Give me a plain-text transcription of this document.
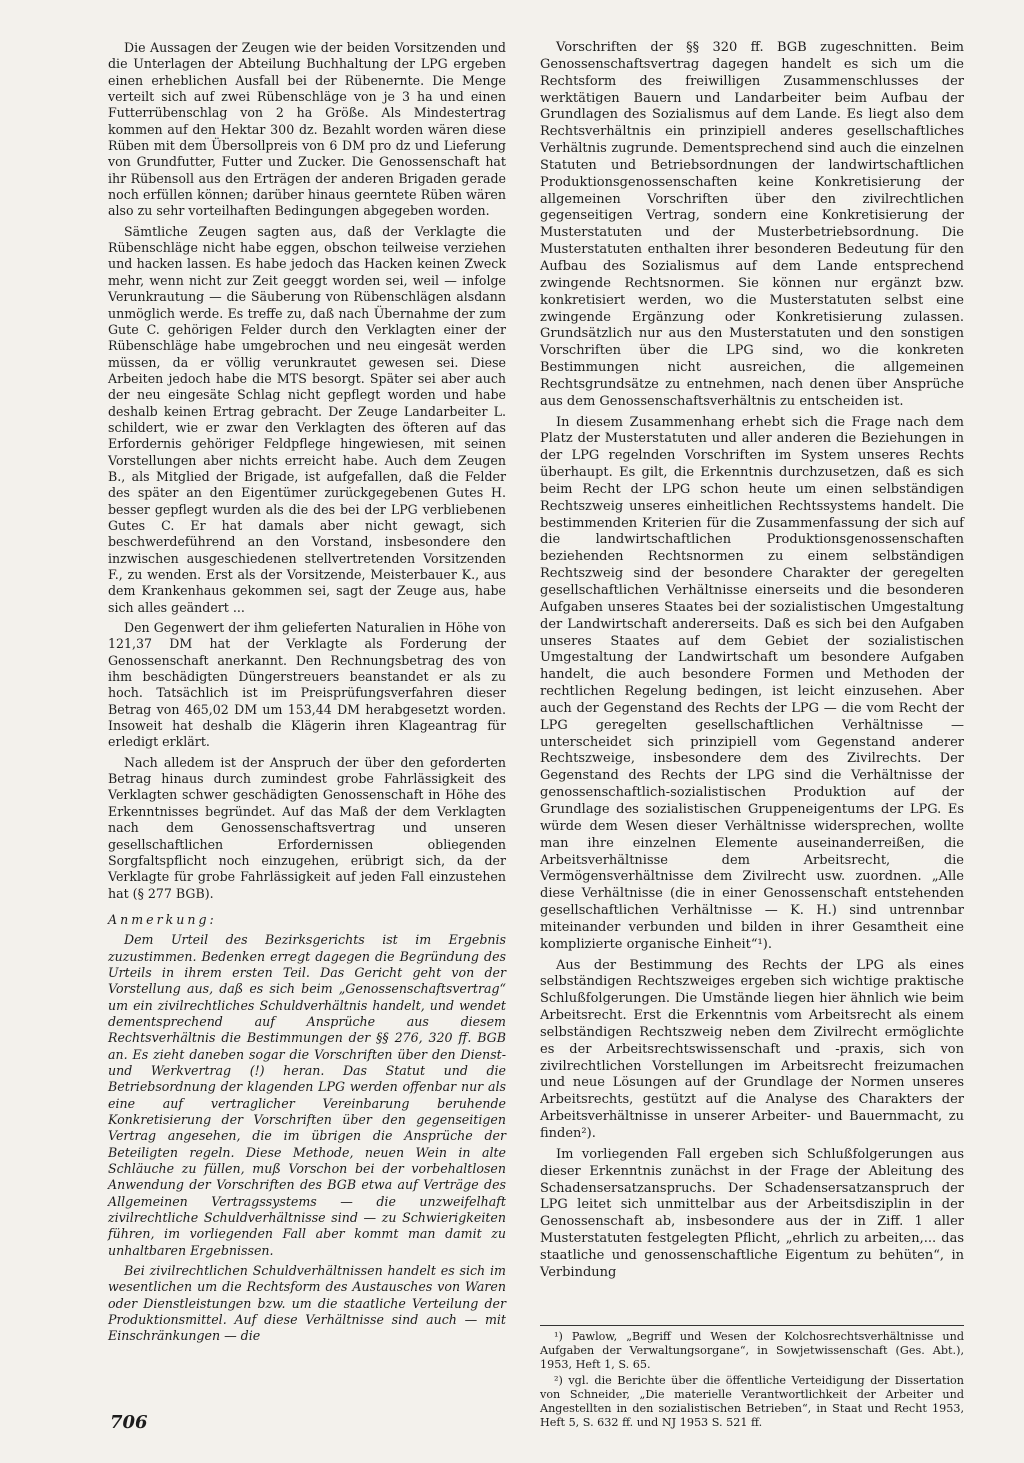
Die Aussagen der Zeugen wie der beiden Vorsitzenden und die Unterlagen der Abteilung Buchhaltung der LPG ergeben einen erheblichen Ausfall bei der Rübenernte. Die Menge verteilt sich auf zwei Rübenschläge von je 3 ha und einen Futterrübenschlag von 2 ha Größe. Als Mindestertrag kommen auf den Hektar 300 dz. Bezahlt worden wären diese Rüben mit dem Übersollpreis von 6 DM pro dz und Lieferung von Grundfutter, Futter und Zucker. Die Genossenschaft hat ihr Rübensoll aus den Erträgen der anderen Brigaden gerade noch erfüllen können; darüber hinaus geerntete Rüben wären also zu sehr vorteilhaften Bedingungen abgegeben worden.

Sämtliche Zeugen sagten aus, daß der Verklagte die Rübenschläge nicht habe eggen, obschon teilweise verziehen und hacken lassen. Es habe jedoch das Hacken keinen Zweck mehr, wenn nicht zur Zeit geeggt worden sei, weil — infolge Verunkrautung — die Säuberung von Rübenschlägen alsdann unmöglich werde. Es treffe zu, daß nach Übernahme der zum Gute C. gehörigen Felder durch den Verklagten einer der Rübenschläge habe umgebrochen und neu eingesät werden müssen, da er völlig verunkrautet gewesen sei. Diese Arbeiten jedoch habe die MTS besorgt. Später sei aber auch der neu eingesäte Schlag nicht gepflegt worden und habe deshalb keinen Ertrag gebracht. Der Zeuge Landarbeiter L. schildert, wie er zwar den Verklagten des öfteren auf das Erfordernis gehöriger Feldpflege hingewiesen, mit seinen Vorstellungen aber nichts erreicht habe. Auch dem Zeugen B., als Mitglied der Brigade, ist aufgefallen, daß die Felder des später an den Eigentümer zurückgegebenen Gutes H. besser gepflegt wurden als die des bei der LPG verbliebenen Gutes C. Er hat damals aber nicht gewagt, sich beschwerdeführend an den Vorstand, insbesondere den inzwischen ausgeschiedenen stellvertretenden Vorsitzenden F., zu wenden. Erst als der Vorsitzende, Meisterbauer K., aus dem Krankenhaus gekommen sei, sagt der Zeuge aus, habe sich alles geändert ...

Den Gegenwert der ihm gelieferten Naturalien in Höhe von 121,37 DM hat der Verklagte als Forderung der Genossenschaft anerkannt. Den Rechnungsbetrag des von ihm beschädigten Düngerstreuers beanstandet er als zu hoch. Tatsächlich ist im Preisprüfungsverfahren dieser Betrag von 465,02 DM um 153,44 DM herabgesetzt worden. Insoweit hat deshalb die Klägerin ihren Klageantrag für erledigt erklärt.

Nach alledem ist der Anspruch der über den geforderten Betrag hinaus durch zumindest grobe Fahrlässigkeit des Verklagten schwer geschädigten Genossenschaft in Höhe des Erkenntnisses begründet. Auf das Maß der dem Verklagten nach dem Genossenschaftsvertrag und unseren gesellschaftlichen Erfordernissen obliegenden Sorgfaltspflicht noch einzugehen, erübrigt sich, da der Verklagte für grobe Fahrlässigkeit auf jeden Fall einzustehen hat (§ 277 BGB).

Anmerkung:

Dem Urteil des Bezirksgerichts ist im Ergebnis zuzustimmen. Bedenken erregt dagegen die Begründung des Urteils in ihrem ersten Teil. Das Gericht geht von der Vorstellung aus, daß es sich beim „Genossenschaftsvertrag“ um ein zivilrechtliches Schuldverhältnis handelt, und wendet dementsprechend auf Ansprüche aus diesem Rechtsverhältnis die Bestimmungen der §§ 276, 320 ff. BGB an. Es zieht daneben sogar die Vorschriften über den Dienst- und Werkvertrag (!) heran. Das Statut und die Betriebsordnung der klagenden LPG werden offenbar nur als eine auf vertraglicher Vereinbarung beruhende Konkretisierung der Vorschriften über den gegenseitigen Vertrag angesehen, die im übrigen die Ansprüche der Beteiligten regeln. Diese Methode, neuen Wein in alte Schläuche zu füllen, muß Vorschon bei der vorbehaltlosen Anwendung der Vorschriften des BGB etwa auf Verträge des Allgemeinen Vertragssystems — die unzweifelhaft zivilrechtliche Schuldverhältnisse sind — zu Schwierigkeiten führen, im vorliegenden Fall aber kommt man damit zu unhaltbaren Ergebnissen.

Bei zivilrechtlichen Schuldverhältnissen handelt es sich im wesentlichen um die Rechtsform des Austausches von Waren oder Dienstleistungen bzw. um die staatliche Verteilung der Produktionsmittel. Auf diese Verhältnisse sind auch — mit Einschränkungen — die

Vorschriften der §§ 320 ff. BGB zugeschnitten. Beim Genossenschaftsvertrag dagegen handelt es sich um die Rechtsform des freiwilligen Zusammenschlusses der werktätigen Bauern und Landarbeiter beim Aufbau der Grundlagen des Sozialismus auf dem Lande. Es liegt also dem Rechtsverhältnis ein prinzipiell anderes gesellschaftliches Verhältnis zugrunde. Dementsprechend sind auch die einzelnen Statuten und Betriebsordnungen der landwirtschaftlichen Produktionsgenossenschaften keine Konkretisierung der allgemeinen Vorschriften über den zivilrechtlichen gegenseitigen Vertrag, sondern eine Konkretisierung der Musterstatuten und der Musterbetriebsordnung. Die Musterstatuten enthalten ihrer besonderen Bedeutung für den Aufbau des Sozialismus auf dem Lande entsprechend zwingende Rechtsnormen. Sie können nur ergänzt bzw. konkretisiert werden, wo die Musterstatuten selbst eine zwingende Ergänzung oder Konkretisierung zulassen. Grundsätzlich nur aus den Musterstatuten und den sonstigen Vorschriften über die LPG sind, wo die konkreten Bestimmungen nicht ausreichen, die allgemeinen Rechtsgrundsätze zu entnehmen, nach denen über Ansprüche aus dem Genossenschaftsverhältnis zu entscheiden ist.

In diesem Zusammenhang erhebt sich die Frage nach dem Platz der Musterstatuten und aller anderen die Beziehungen in der LPG regelnden Vorschriften im System unseres Rechts überhaupt. Es gilt, die Erkenntnis durchzusetzen, daß es sich beim Recht der LPG schon heute um einen selbständigen Rechtszweig unseres einheitlichen Rechtssystems handelt. Die bestimmenden Kriterien für die Zusammenfassung der sich auf die landwirtschaftlichen Produktionsgenossenschaften beziehenden Rechtsnormen zu einem selbständigen Rechtszweig sind der besondere Charakter der geregelten gesellschaftlichen Verhältnisse einerseits und die besonderen Aufgaben unseres Staates bei der sozialistischen Umgestaltung der Landwirtschaft andererseits. Daß es sich bei den Aufgaben unseres Staates auf dem Gebiet der sozialistischen Umgestaltung der Landwirtschaft um besondere Aufgaben handelt, die auch besondere Formen und Methoden der rechtlichen Regelung bedingen, ist leicht einzusehen. Aber auch der Gegenstand des Rechts der LPG — die vom Recht der LPG geregelten gesellschaftlichen Verhältnisse — unterscheidet sich prinzipiell vom Gegenstand anderer Rechtszweige, insbesondere dem des Zivilrechts. Der Gegenstand des Rechts der LPG sind die Verhältnisse der genossenschaftlich-sozialistischen Produktion auf der Grundlage des sozialistischen Gruppeneigentums der LPG. Es würde dem Wesen dieser Verhältnisse widersprechen, wollte man ihre einzelnen Elemente auseinanderreißen, die Arbeitsverhältnisse dem Arbeitsrecht, die Vermögensverhältnisse dem Zivilrecht usw. zuordnen. „Alle diese Verhältnisse (die in einer Genossenschaft entstehenden gesellschaftlichen Verhältnisse — K. H.) sind untrennbar miteinander verbunden und bilden in ihrer Gesamtheit eine komplizierte organische Einheit“¹).

Aus der Bestimmung des Rechts der LPG als eines selbständigen Rechtszweiges ergeben sich wichtige praktische Schlußfolgerungen. Die Umstände liegen hier ähnlich wie beim Arbeitsrecht. Erst die Erkenntnis vom Arbeitsrecht als einem selbständigen Rechtszweig neben dem Zivilrecht ermöglichte es der Arbeitsrechtswissenschaft und -praxis, sich von zivilrechtlichen Vorstellungen im Arbeitsrecht freizumachen und neue Lösungen auf der Grundlage der Normen unseres Arbeitsrechts, gestützt auf die Analyse des Charakters der Arbeitsverhältnisse in unserer Arbeiter- und Bauernmacht, zu finden²).

Im vorliegenden Fall ergeben sich Schlußfolgerungen aus dieser Erkenntnis zunächst in der Frage der Ableitung des Schadensersatzanspruchs. Der Schadensersatzanspruch der LPG leitet sich unmittelbar aus der Arbeitsdisziplin in der Genossenschaft ab, insbesondere aus der in Ziff. 1 aller Musterstatuten festgelegten Pflicht, „ehrlich zu arbeiten,... das staatliche und genossenschaftliche Eigentum zu behüten“, in Verbindung

¹) Pawlow, „Begriff und Wesen der Kolchosrechtsverhältnisse und Aufgaben der Verwaltungsorgane“, in Sowjetwissenschaft (Ges. Abt.), 1953, Heft 1, S. 65.

²) vgl. die Berichte über die öffentliche Verteidigung der Dissertation von Schneider, „Die materielle Verantwortlichkeit der Arbeiter und Angestellten in den sozialistischen Betrieben“, in Staat und Recht 1953, Heft 5, S. 632 ff. und NJ 1953 S. 521 ff.

706
